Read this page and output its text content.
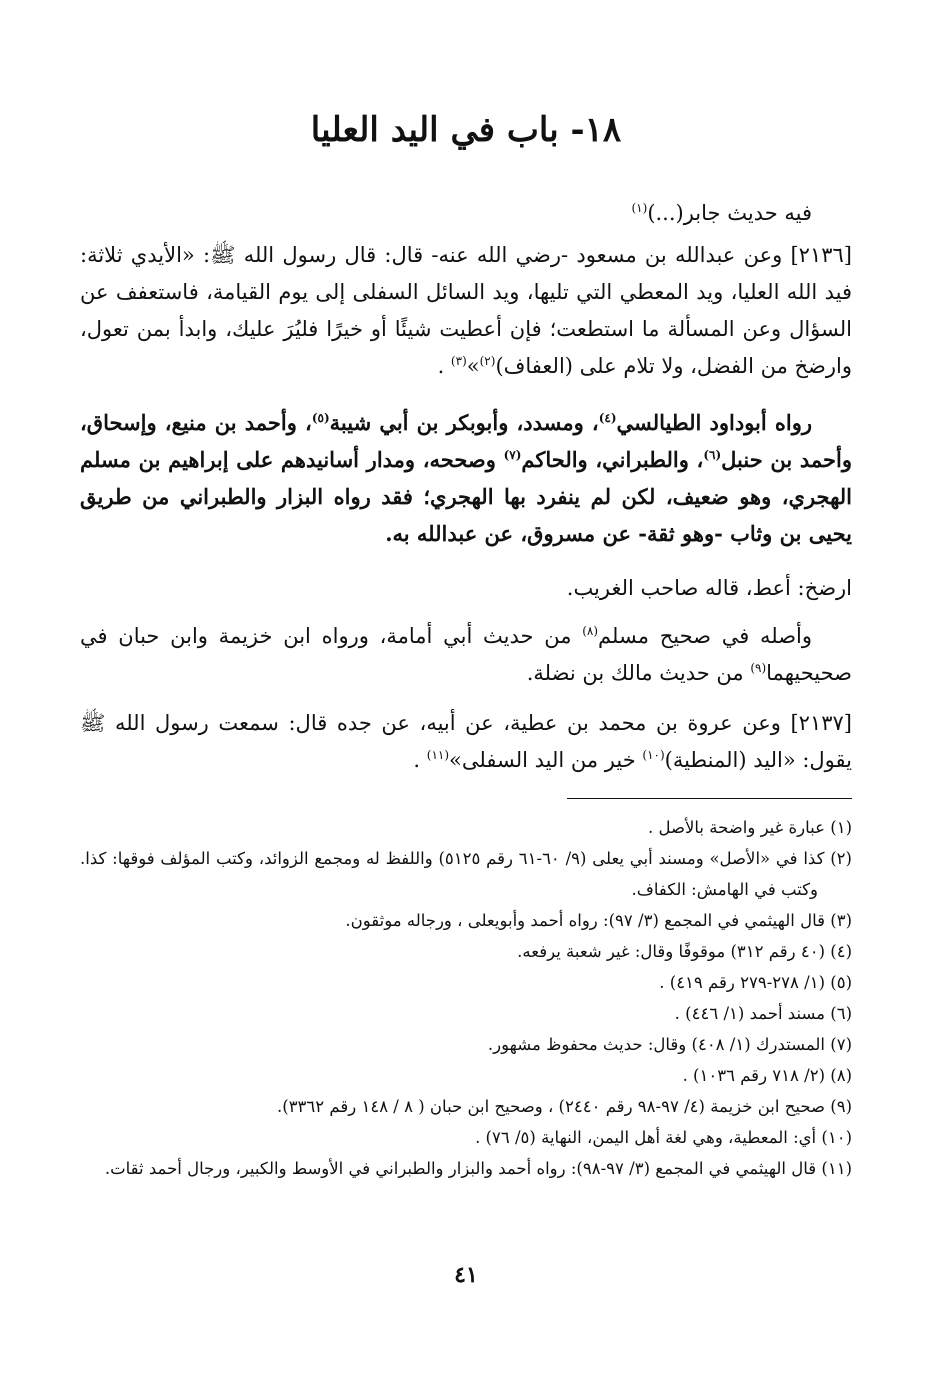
١٨- باب في اليد العليا

فيه حديث جابر(...)$^{(١)}$

[٢١٣٦] وعن عبدالله بن مسعود -رضي الله عنه- قال: قال رسول الله ﷺ: «الأيدي ثلاثة: فيد الله العليا، ويد المعطي التي تليها، ويد السائل السفلى إلى يوم القيامة، فاستعفف عن السؤال وعن المسألة ما استطعت؛ فإن أعطيت شيئًا أو خيرًا فليُرَ عليك، وابدأ بمن تعول، وارضخ من الفضل، ولا تلام على (العفاف)$^{(٢)}$»$^{(٣)}$ .

رواه أبوداود الطيالسي$^{(٤)}$، ومسدد، وأبوبكر بن أبي شيبة$^{(٥)}$، وأحمد بن منيع، وإسحاق، وأحمد بن حنبل$^{(٦)}$، والطبراني، والحاكم$^{(٧)}$ وصححه، ومدار أسانيدهم على إبراهيم بن مسلم الهجري، وهو ضعيف، لكن لم ينفرد بها الهجري؛ فقد رواه البزار والطبراني من طريق يحيى بن وثاب -وهو ثقة- عن مسروق، عن عبدالله به.

ارضخ: أعط، قاله صاحب الغريب.

وأصله في صحيح مسلم$^{(٨)}$ من حديث أبي أمامة، ورواه ابن خزيمة وابن حبان في صحيحيهما$^{(٩)}$ من حديث مالك بن نضلة.

[٢١٣٧] وعن عروة بن محمد بن عطية، عن أبيه، عن جده قال: سمعت رسول الله ﷺ يقول: «اليد (المنطية)$^{(١٠)}$ خير من اليد السفلى»$^{(١١)}$ .

(١) عبارة غير واضحة بالأصل .

(٢) كذا في «الأصل» ومسند أبي يعلى (٩/ ٦٠-٦١ رقم ٥١٢٥) واللفظ له ومجمع الزوائد، وكتب المؤلف فوقها: كذا. وكتب في الهامش: الكفاف.

(٣) قال الهيثمي في المجمع (٣/ ٩٧): رواه أحمد وأبويعلى ، ورجاله موثقون.

(٤) (٤٠ رقم ٣١٢) موقوفًا وقال: غير شعبة يرفعه.

(٥) (١/ ٢٧٨-٢٧٩ رقم ٤١٩) .

(٦) مسند أحمد (١/ ٤٤٦) .

(٧) المستدرك (١/ ٤٠٨) وقال: حديث محفوظ مشهور.

(٨) (٢/ ٧١٨ رقم ١٠٣٦) .

(٩) صحيح ابن خزيمة (٤/ ٩٧-٩٨ رقم ٢٤٤٠) ، وصحيح ابن حبان ( ٨ / ١٤٨ رقم ٣٣٦٢).

(١٠) أي: المعطية، وهي لغة أهل اليمن، النهاية (٥/ ٧٦) .

(١١) قال الهيثمي في المجمع (٣/ ٩٧-٩٨): رواه أحمد والبزار والطبراني في الأوسط والكبير، ورجال أحمد ثقات.

٤١
